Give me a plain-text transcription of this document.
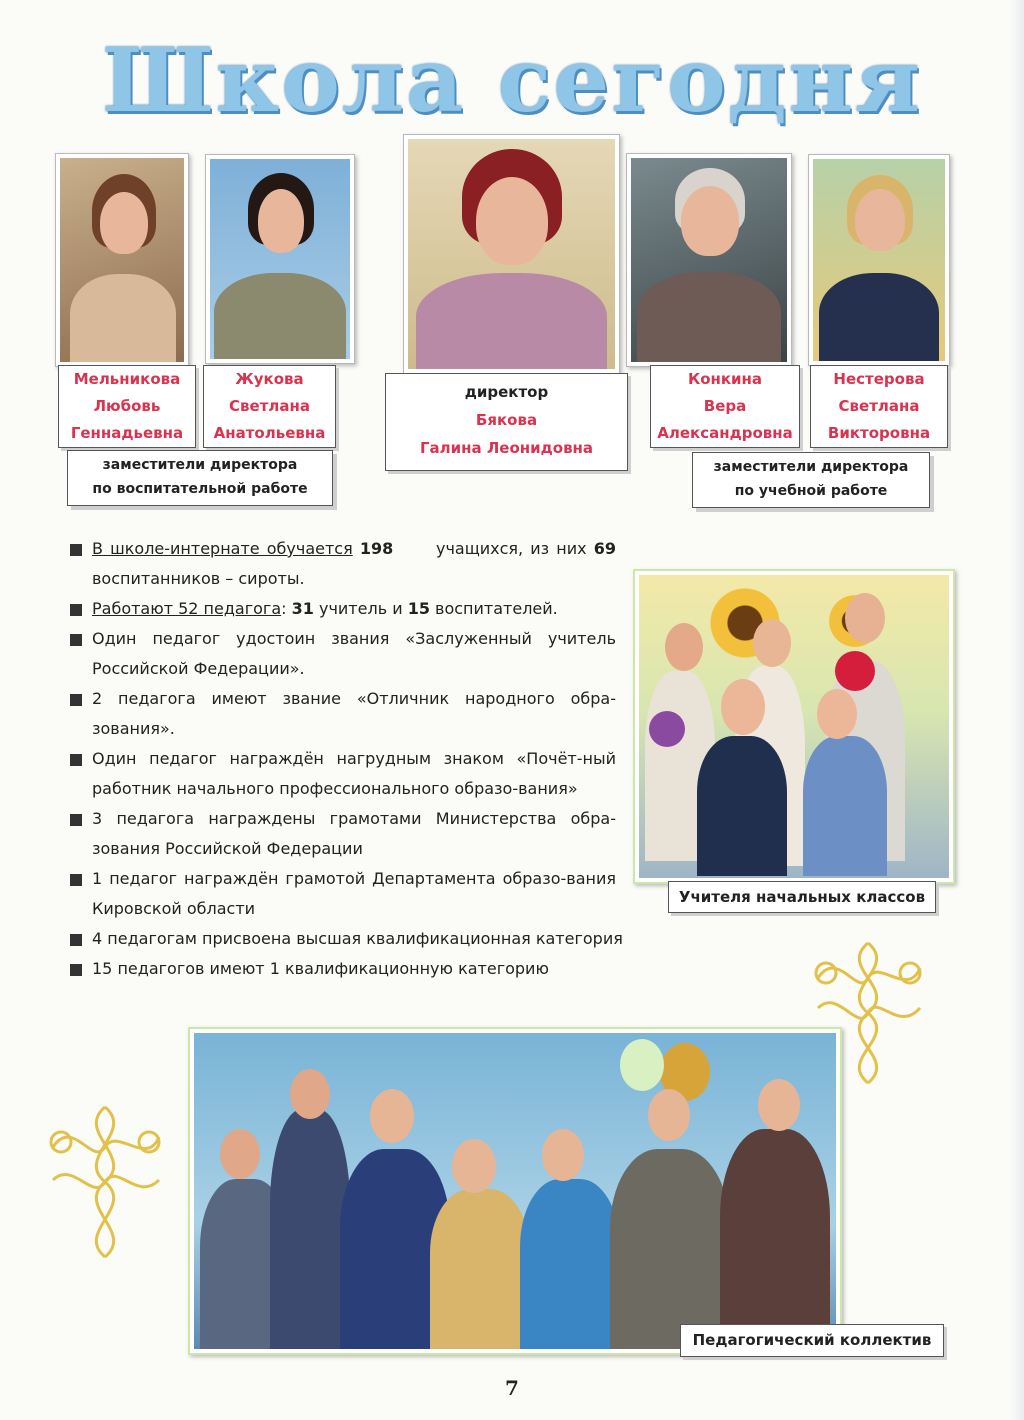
Школа сегодня
Мельникова
Любовь
Геннадьевна
Жукова
Светлана
Анатольевна
директор
Бякова
Галина Леонидовна
Конкина
Вера
Александровна
Нестерова
Светлана
Викторовна
заместители директора
по воспитательной работе
заместители директора
по учебной работе
В школе-интернате обучается 198      учащихся, из них 69 воспитанников – сироты.
Работают 52 педагога: 31 учитель и 15 воспитателей.
Один педагог удостоин звания «Заслуженный учитель Российской Федерации».
2 педагога имеют звание «Отличник народного обра-зования».
Один педагог награждён нагрудным знаком «Почёт-ный работник начального профессионального образо-вания»
3 педагога награждены грамотами Министерства обра-зования Российской Федерации
1 педагог награждён грамотой Департамента образо-вания Кировской области
4 педагогам присвоена высшая квалификационная категория
15 педагогов имеют 1 квалификационную категорию
Учителя начальных классов
Педагогический коллектив
7
